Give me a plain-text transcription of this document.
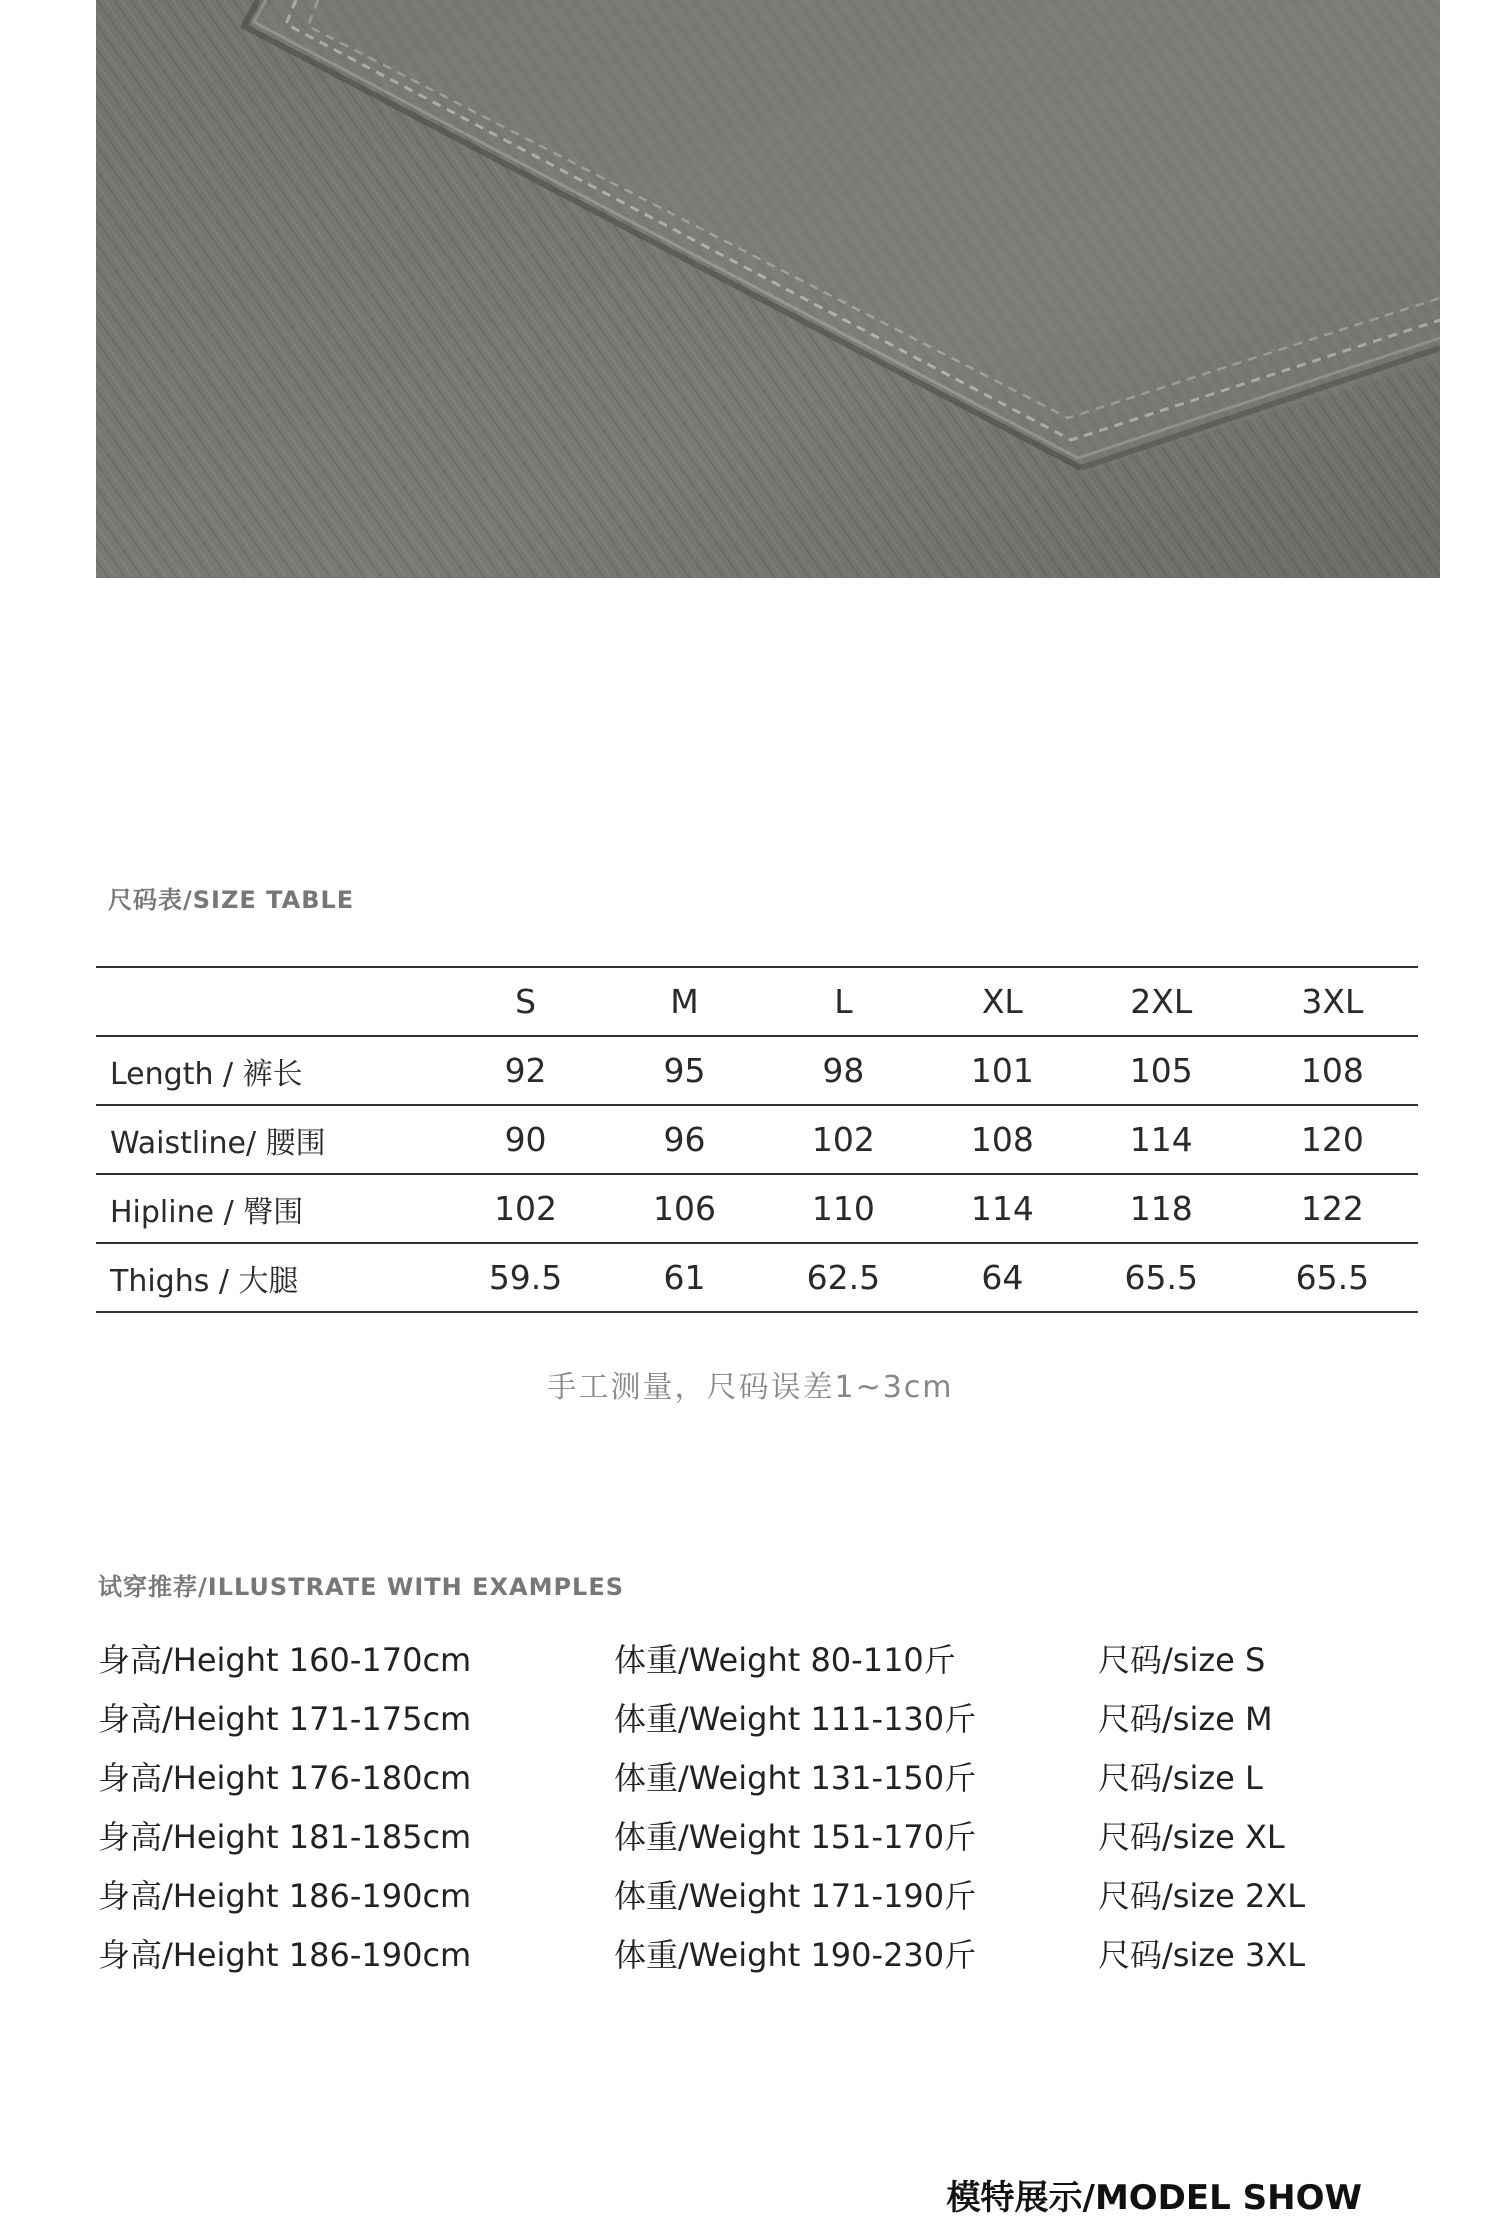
尺码表/SIZE TABLE
	S	M	L	XL	2XL	3XL
Length / 裤长	92	95	98	101	105	108
Waistline/ 腰围	90	96	102	108	114	120
Hipline / 臀围	102	106	110	114	118	122
Thighs / 大腿	59.5	61	62.5	64	65.5	65.5
手工测量，尺码误差1~3cm
试穿推荐/ILLUSTRATE WITH EXAMPLES
身高/Height 160-170cm	体重/Weight 80-110斤	尺码/size S
身高/Height 171-175cm	体重/Weight 111-130斤	尺码/size M
身高/Height 176-180cm	体重/Weight 131-150斤	尺码/size L
身高/Height 181-185cm	体重/Weight 151-170斤	尺码/size XL
身高/Height 186-190cm	体重/Weight 171-190斤	尺码/size 2XL
身高/Height 186-190cm	体重/Weight 190-230斤	尺码/size 3XL
模特展示/MODEL SHOW
